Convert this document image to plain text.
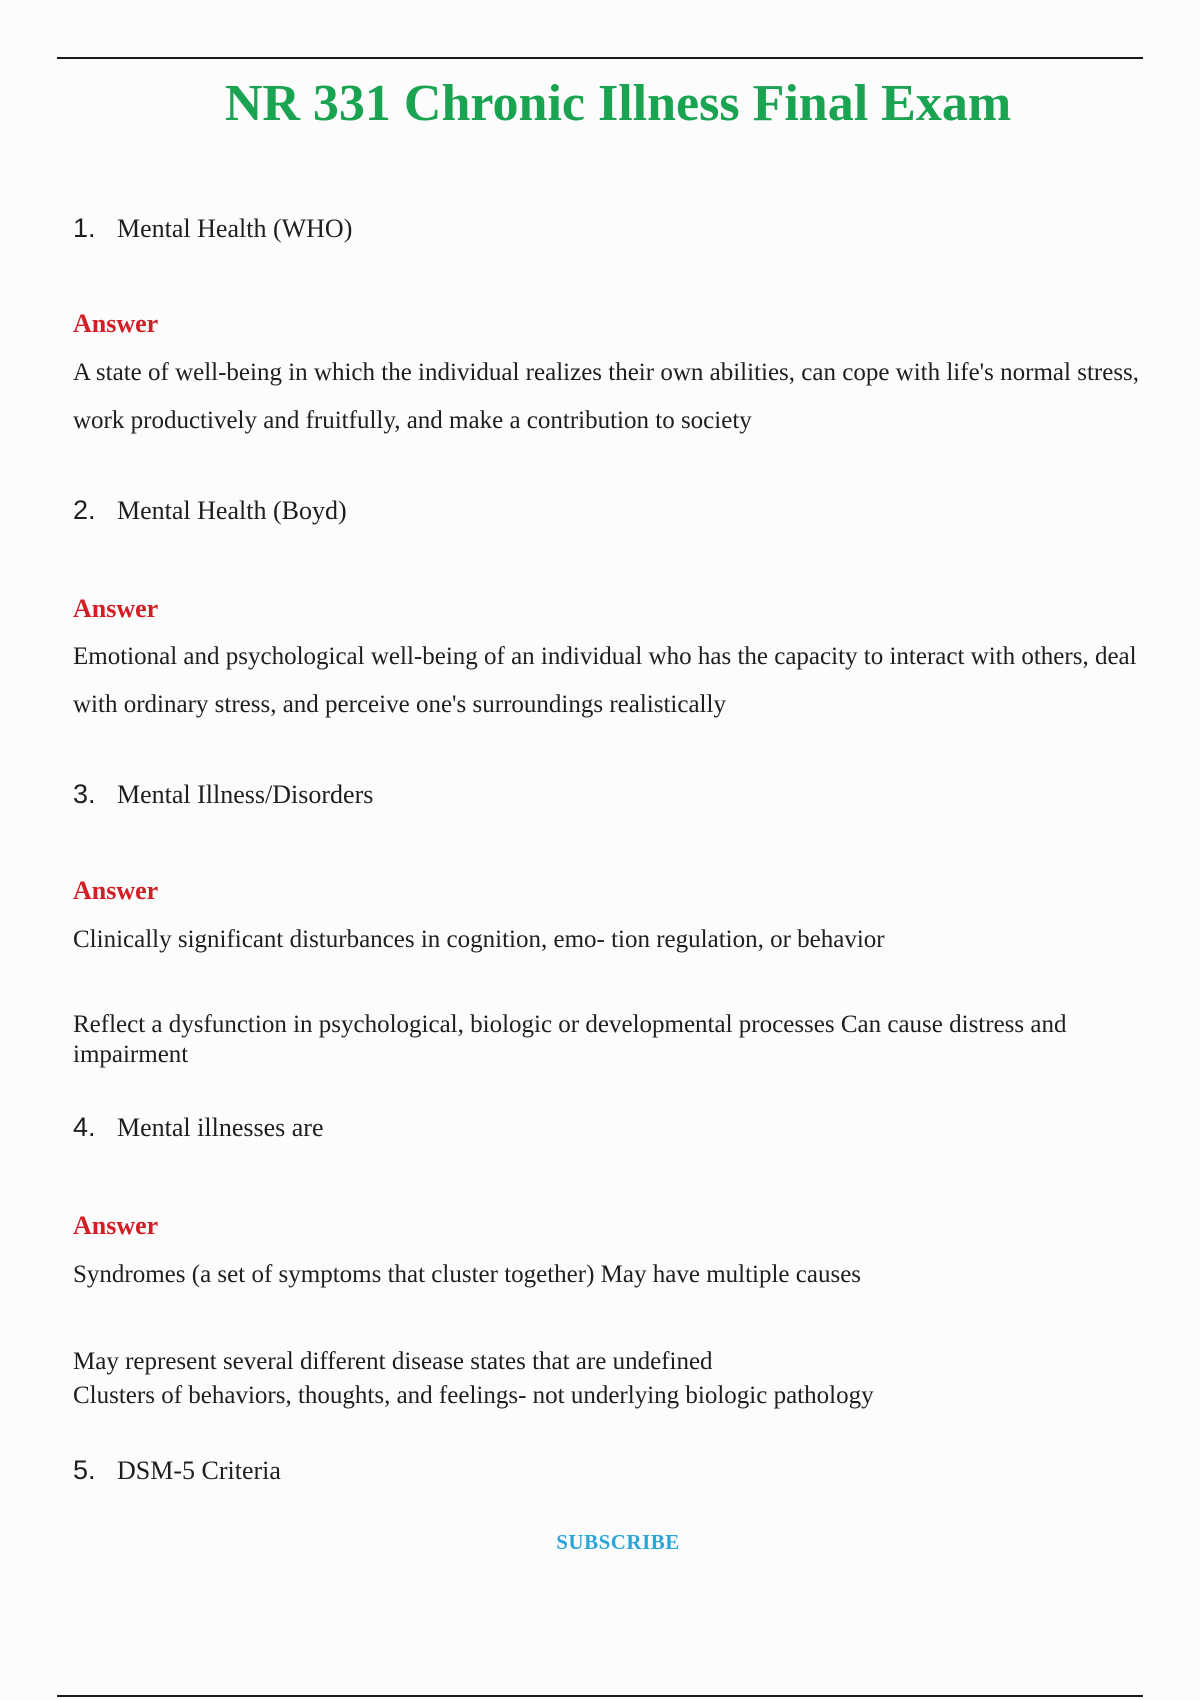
NR 331 Chronic Illness Final Exam
1. Mental Health (WHO)
Answer
A state of well-being in which the individual realizes their own abilities, can cope with life's normal stress, work productively and fruitfully, and make a contribution to society
2. Mental Health (Boyd)
Answer
Emotional and psychological well-being of an individual who has the capacity to interact with others, deal with ordinary stress, and perceive one's surroundings realistically
3. Mental Illness/Disorders
Answer
Clinically significant disturbances in cognition, emo- tion regulation, or behavior
Reflect a dysfunction in psychological, biologic or developmental processes Can cause distress and impairment
4. Mental illnesses are
Answer
Syndromes (a set of symptoms that cluster together) May have multiple causes
May represent several different disease states that are undefined
Clusters of behaviors, thoughts, and feelings- not underlying biologic pathology
5. DSM-5 Criteria
SUBSCRIBE
